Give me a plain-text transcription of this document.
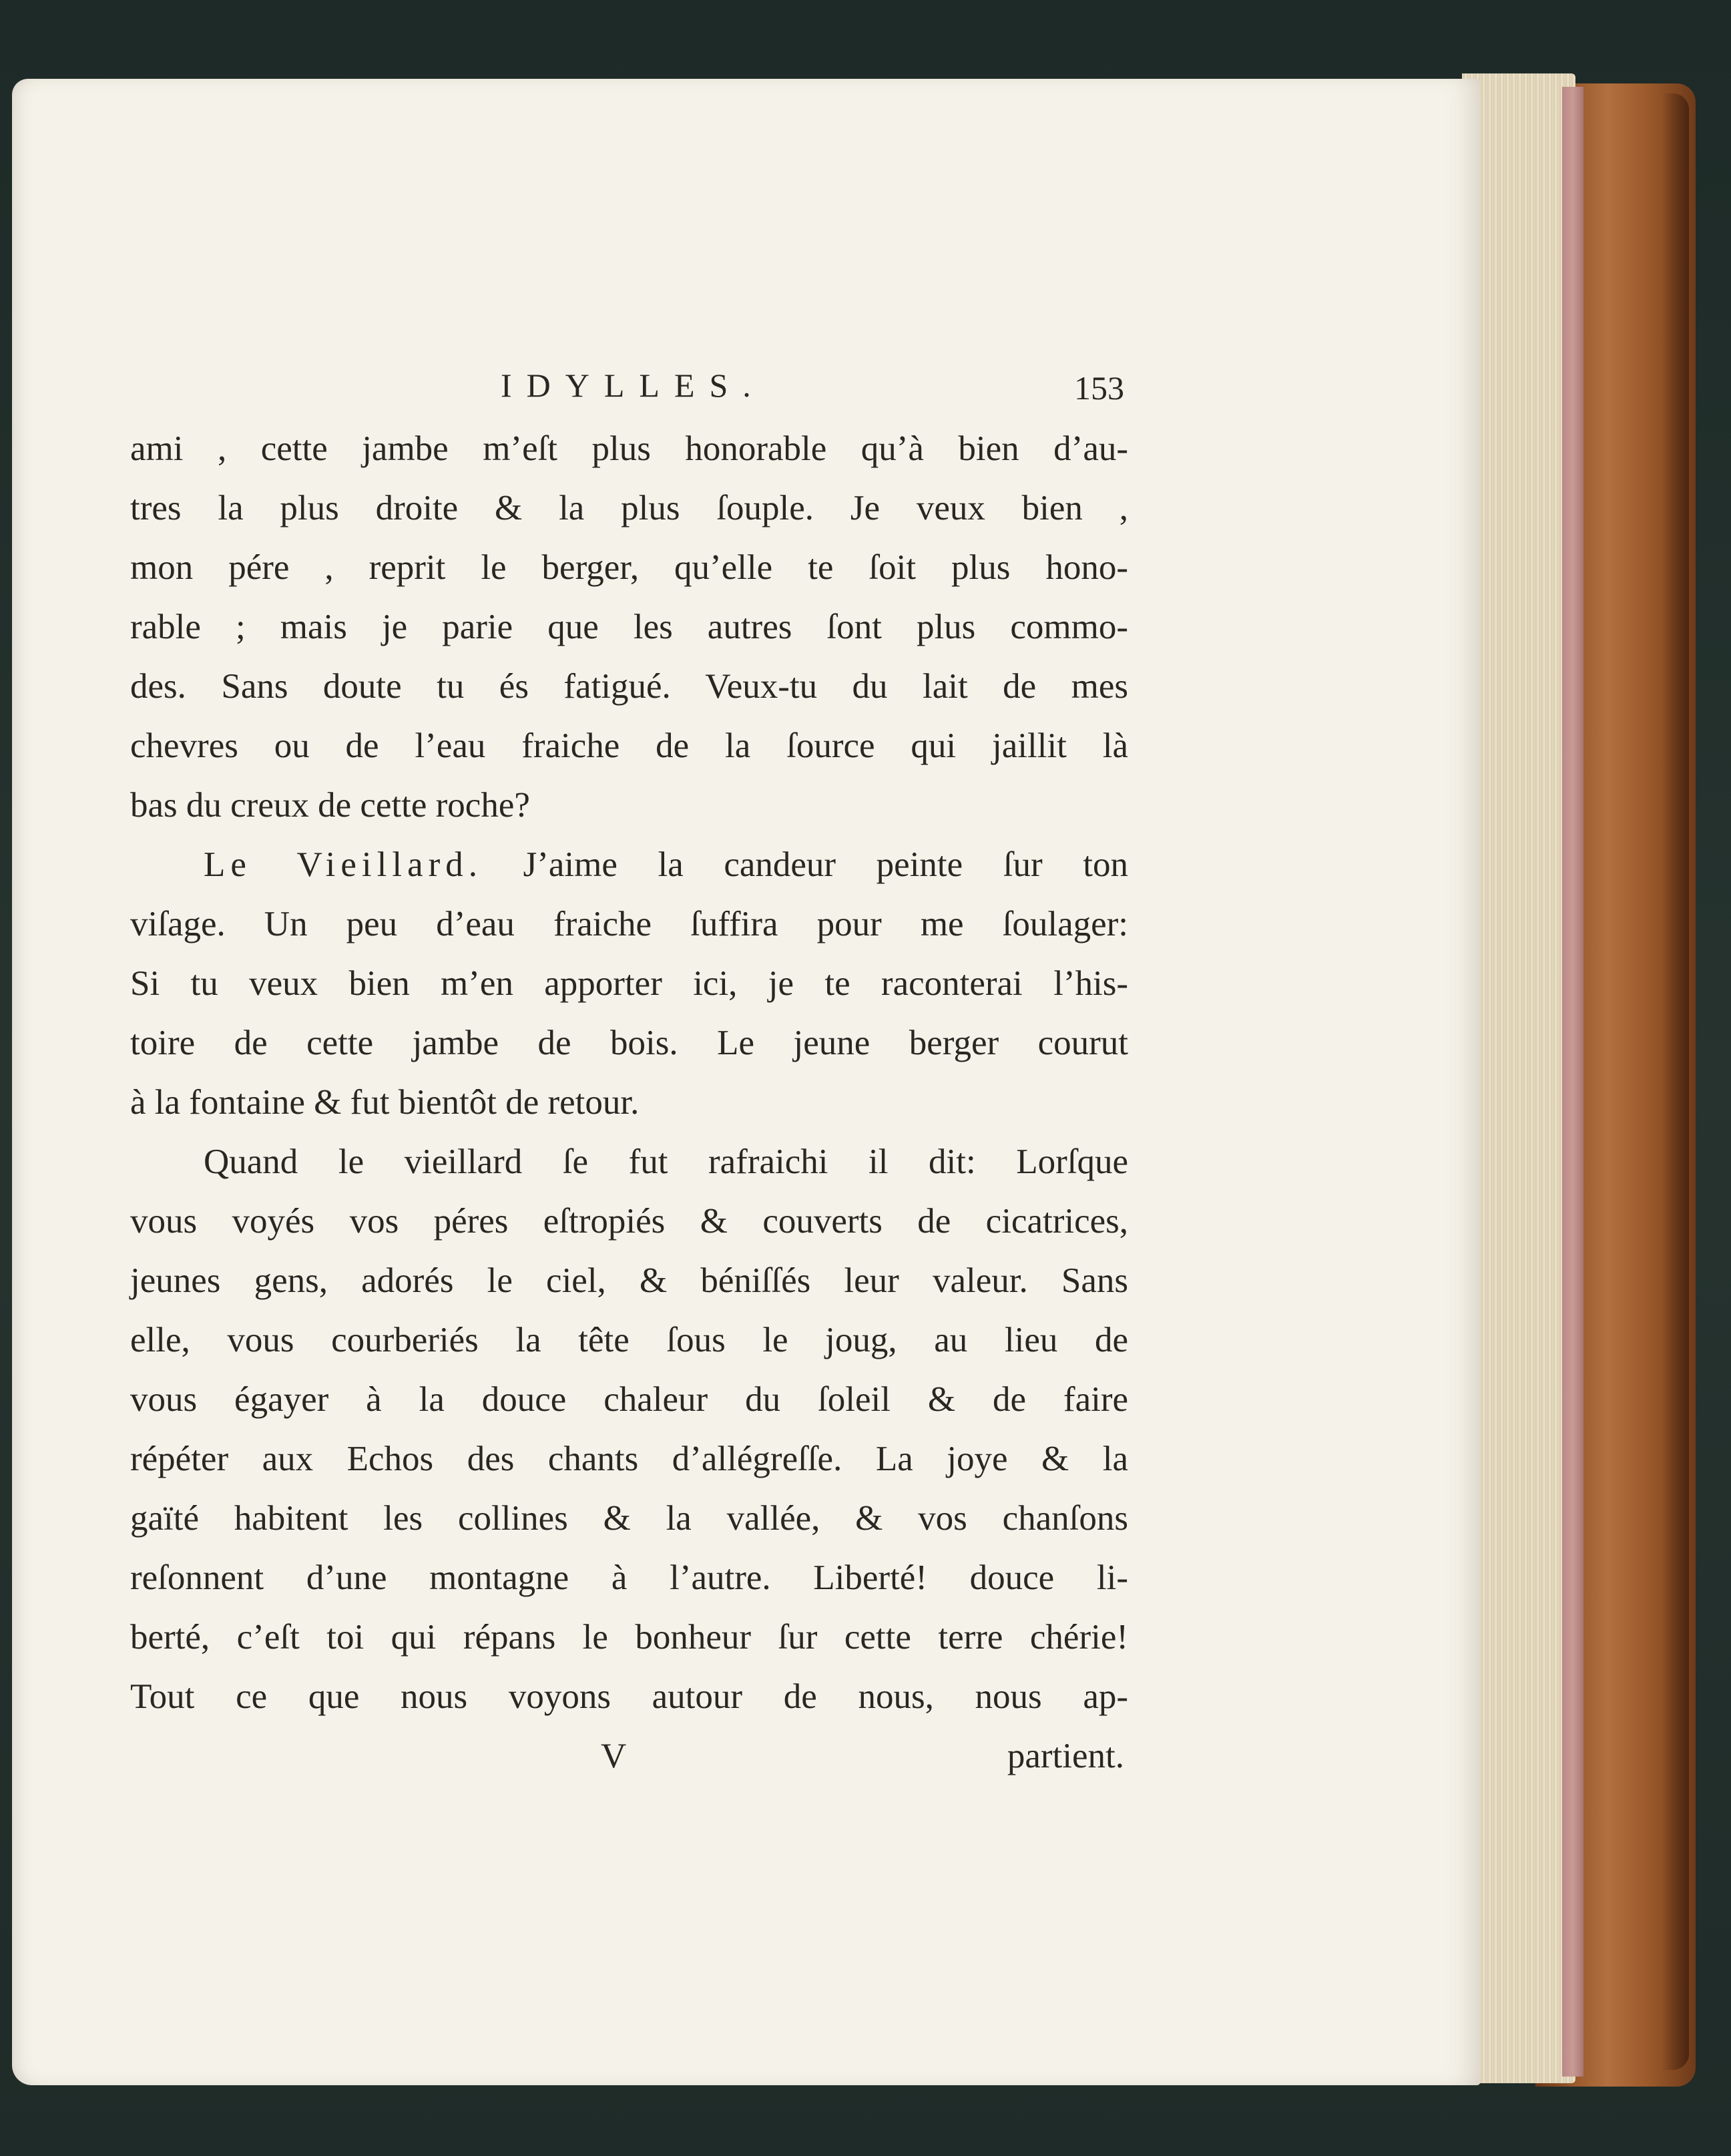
IDYLLES.	153
ami , cette jambe m’eſt plus honorable qu’à bien d’au-
tres la plus droite & la plus ſouple. Je veux bien ,
mon pére , reprit le berger, qu’elle te ſoit plus hono-
rable ; mais je parie que les autres ſont plus commo-
des. Sans doute tu és fatigué. Veux-tu du lait de mes
chevres ou de l’eau fraiche de la ſource qui jaillit là
bas du creux de cette roche?
Le Vieillard. J’aime la candeur peinte ſur ton
viſage. Un peu d’eau fraiche ſuffira pour me ſoulager:
Si tu veux bien m’en apporter ici, je te raconterai l’his-
toire de cette jambe de bois. Le jeune berger courut
à la fontaine & fut bientôt de retour.
Quand le vieillard ſe fut rafraichi il dit: Lorſque
vous voyés vos péres eſtropiés & couverts de cicatrices,
jeunes gens, adorés le ciel, & béniſſés leur valeur. Sans
elle, vous courberiés la tête ſous le joug, au lieu de
vous égayer à la douce chaleur du ſoleil & de faire
répéter aux Echos des chants d’allégreſſe. La joye & la
gaïté habitent les collines & la vallée, & vos chanſons
reſonnent d’une montagne à l’autre. Liberté! douce li-
berté, c’eſt toi qui répans le bonheur ſur cette terre chérie!
Tout ce que nous voyons autour de nous, nous ap-
V	partient.
